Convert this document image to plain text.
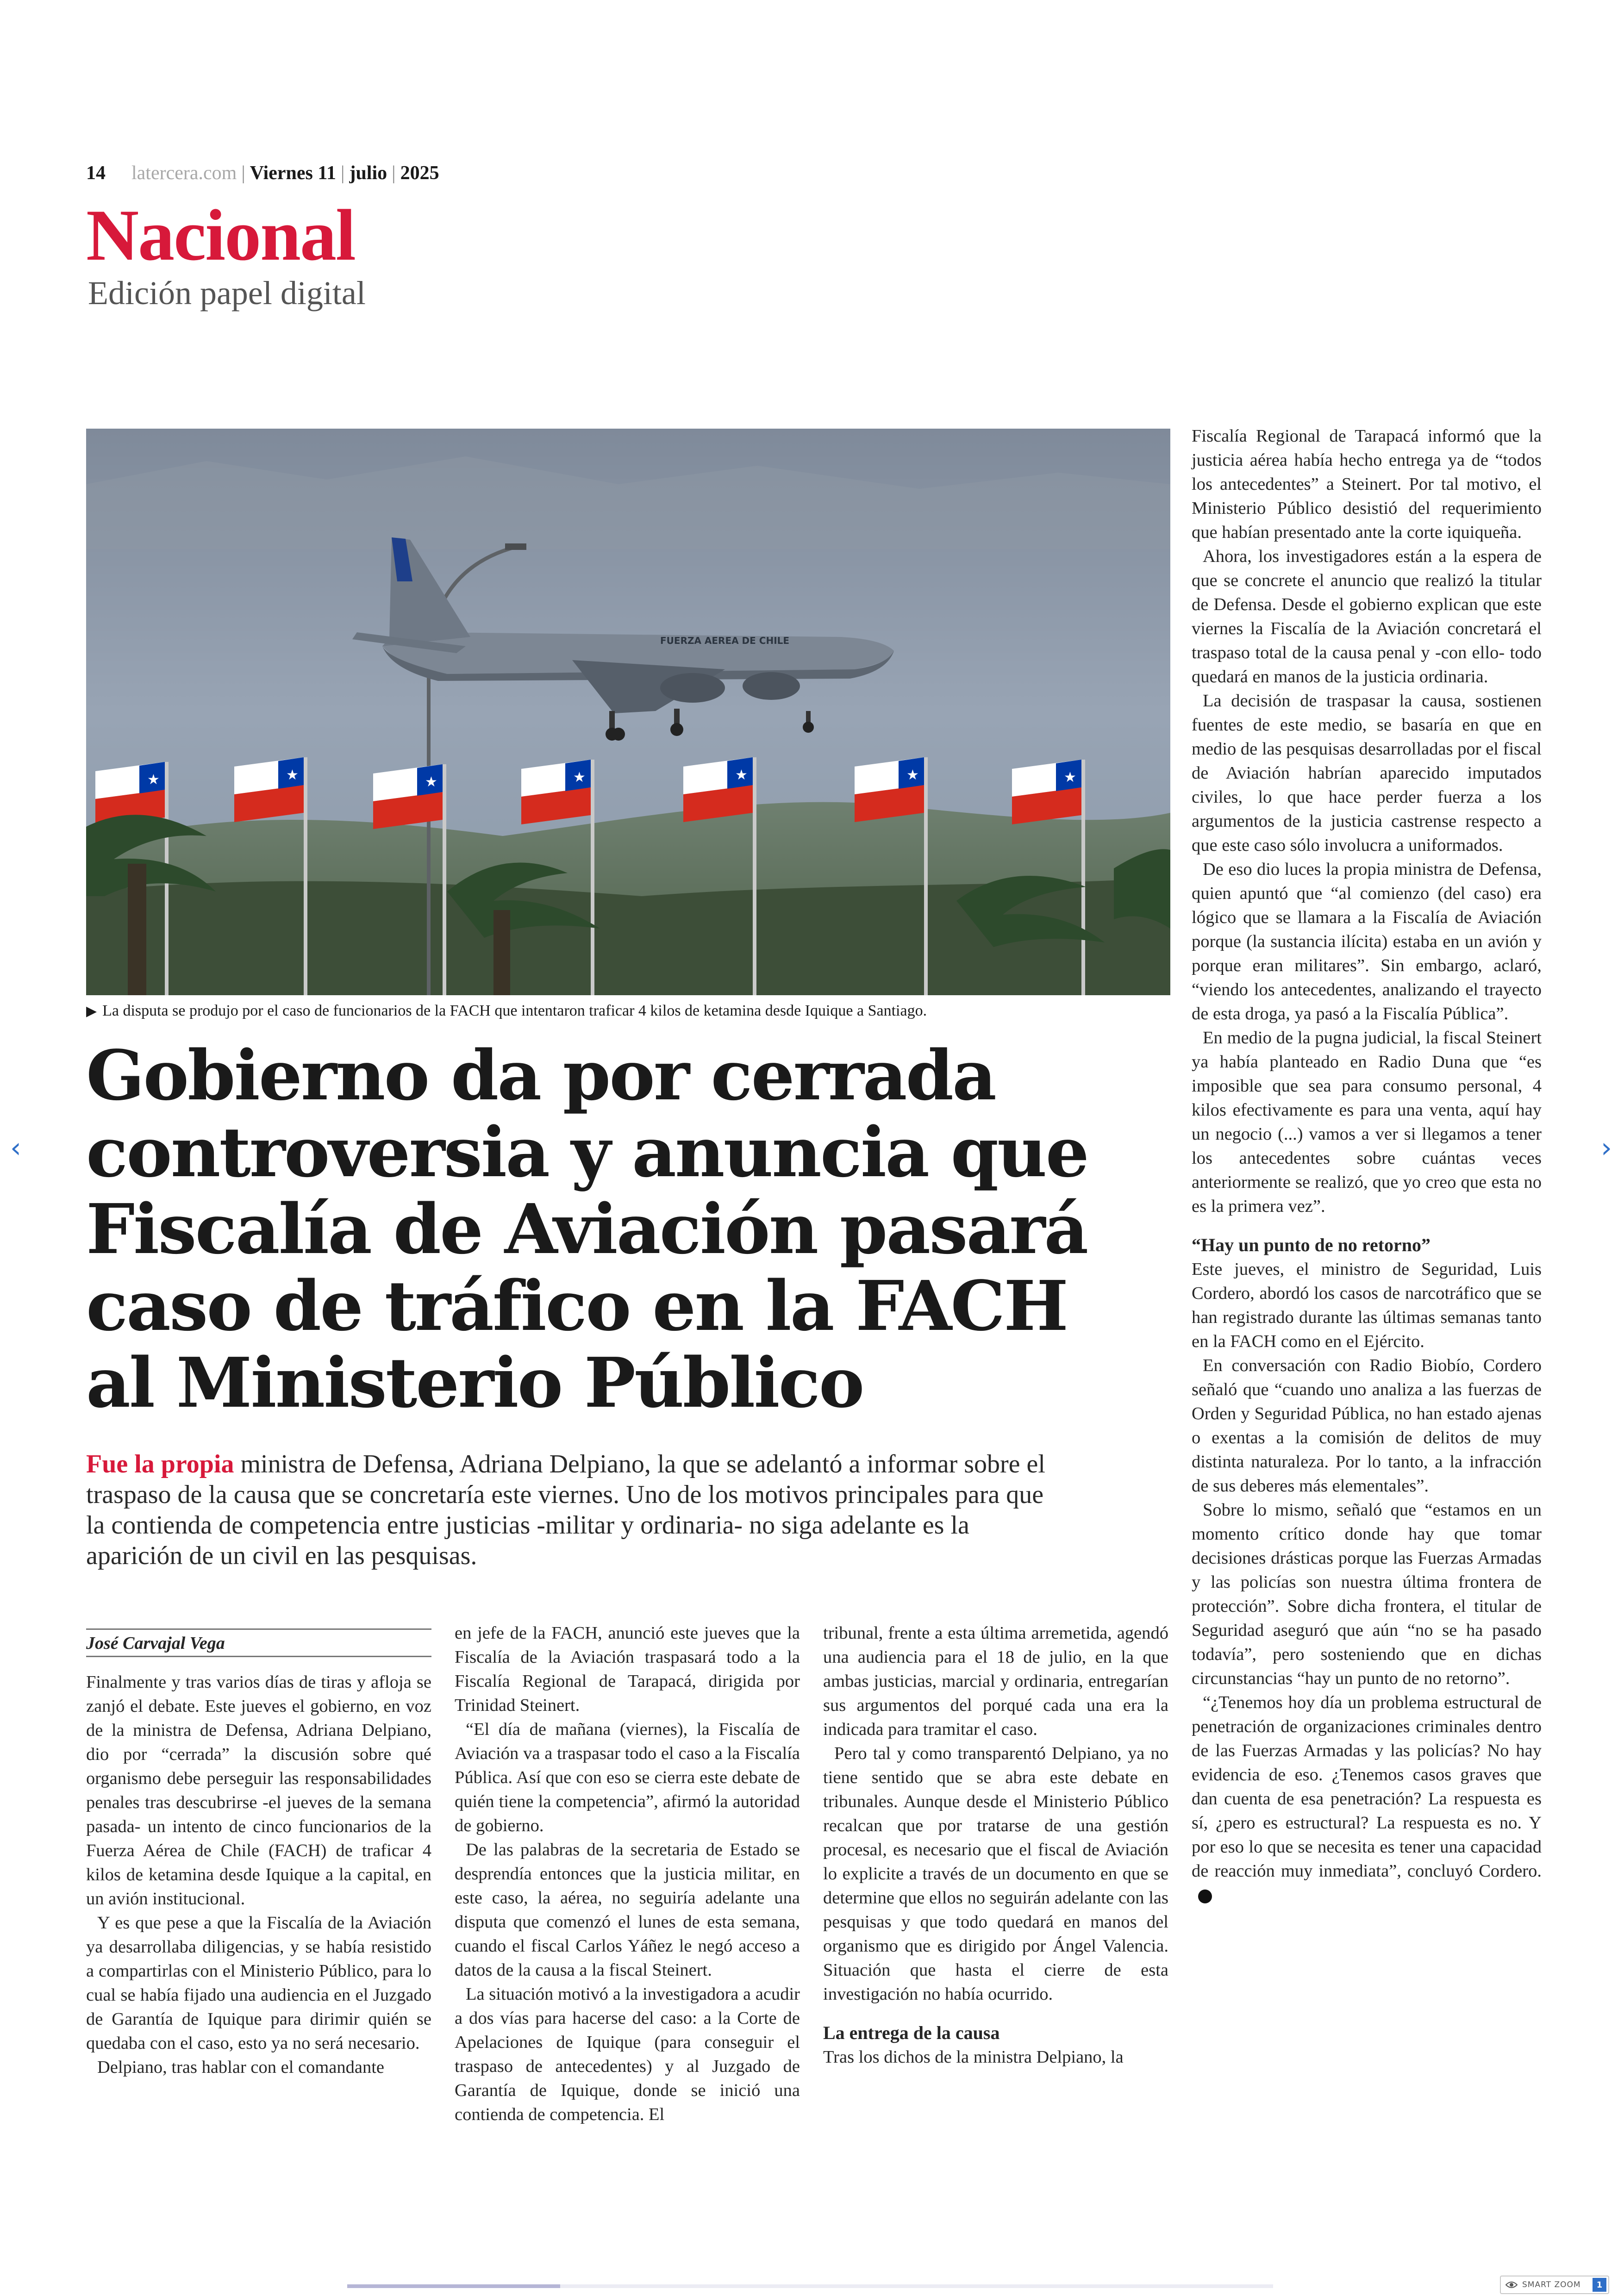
‹	›
14 latercera.com | Viernes 11 | julio | 2025
Nacional
Edición papel digital
FUERZA AEREA DE CHILE
★	★	★	★	★	★	★
▶ La disputa se produjo por el caso de funcionarios de la FACH que intentaron traficar 4 kilos de ketamina desde Iquique a Santiago.
Gobierno da por cerrada
controversia y anuncia que
Fiscalía de Aviación pasará
caso de tráfico en la FACH
al Ministerio Público
Fue la propia ministra de Defensa, Adriana Delpiano, la que se adelantó a informar sobre el traspaso de la causa que se concretaría este viernes. Uno de los motivos principales para que la contienda de competencia entre justicias -militar y ordinaria- no siga adelante es la aparición de un civil en las pesquisas.
José Carvajal Vega

Finalmente y tras varios días de tiras y afloja se zanjó el debate. Este jueves el gobierno, en voz de la ministra de Defensa, Adriana Delpiano, dio por “cerrada” la discusión sobre qué organismo debe perseguir las responsabilidades penales tras descubrirse -el jueves de la semana pasada- un intento de cinco funcionarios de la Fuerza Aérea de Chile (FACH) de traficar 4 kilos de ketamina desde Iquique a la capital, en un avión institucional.

Y es que pese a que la Fiscalía de la Aviación ya desarrollaba diligencias, y se había resistido a compartirlas con el Ministerio Público, para lo cual se había fijado una audiencia en el Juzgado de Garantía de Iquique para dirimir quién se quedaba con el caso, esto ya no será necesario.

Delpiano, tras hablar con el comandante

en jefe de la FACH, anunció este jueves que la Fiscalía de la Aviación traspasará todo a la Fiscalía Regional de Tarapacá, dirigida por Trinidad Steinert.

“El día de mañana (viernes), la Fiscalía de Aviación va a traspasar todo el caso a la Fiscalía Pública. Así que con eso se cierra este debate de quién tiene la competencia”, afirmó la autoridad de gobierno.

De las palabras de la secretaria de Estado se desprendía entonces que la justicia militar, en este caso, la aérea, no seguiría adelante una disputa que comenzó el lunes de esta semana, cuando el fiscal Carlos Yáñez le negó acceso a datos de la causa a la fiscal Steinert.

La situación motivó a la investigadora a acudir a dos vías para hacerse del caso: a la Corte de Apelaciones de Iquique (para conseguir el traspaso de antecedentes) y al Juzgado de Garantía de Iquique, donde se inició una contienda de competencia. El

tribunal, frente a esta última arremetida, agendó una audiencia para el 18 de julio, en la que ambas justicias, marcial y ordinaria, entregarían sus argumentos del porqué cada una era la indicada para tramitar el caso.

Pero tal y como transparentó Delpiano, ya no tiene sentido que se abra este debate en tribunales. Aunque desde el Ministerio Público recalcan que por tratarse de una gestión procesal, es necesario que el fiscal de Aviación lo explicite a través de un documento en que se determine que ellos no seguirán adelante con las pesquisas y que todo quedará en manos del organismo que es dirigido por Ángel Valencia. Situación que hasta el cierre de esta investigación no había ocurrido.

La entrega de la causa

Tras los dichos de la ministra Delpiano, la

Fiscalía Regional de Tarapacá informó que la justicia aérea había hecho entrega ya de “todos los antecedentes” a Steinert. Por tal motivo, el Ministerio Público desistió del requerimiento que habían presentado ante la corte iquiqueña.

Ahora, los investigadores están a la espera de que se concrete el anuncio que realizó la titular de Defensa. Desde el gobierno explican que este viernes la Fiscalía de la Aviación concretará el traspaso total de la causa penal y -con ello- todo quedará en manos de la justicia ordinaria.

La decisión de traspasar la causa, sostienen fuentes de este medio, se basaría en que en medio de las pesquisas desarrolladas por el fiscal de Aviación habrían aparecido imputados civiles, lo que hace perder fuerza a los argumentos de la justicia castrense respecto a que este caso sólo involucra a uniformados.

De eso dio luces la propia ministra de Defensa, quien apuntó que “al comienzo (del caso) era lógico que se llamara a la Fiscalía de Aviación porque (la sustancia ilícita) estaba en un avión y porque eran militares”. Sin embargo, aclaró, “viendo los antecedentes, analizando el trayecto de esta droga, ya pasó a la Fiscalía Pública”.

En medio de la pugna judicial, la fiscal Steinert ya había planteado en Radio Duna que “es imposible que sea para consumo personal, 4 kilos efectivamente es para una venta, aquí hay un negocio (...) vamos a ver si llegamos a tener los antecedentes sobre cuántas veces anteriormente se realizó, que yo creo que esta no es la primera vez”.

“Hay un punto de no retorno”

Este jueves, el ministro de Seguridad, Luis Cordero, abordó los casos de narcotráfico que se han registrado durante las últimas semanas tanto en la FACH como en el Ejército.

En conversación con Radio Biobío, Cordero señaló que “cuando uno analiza a las fuerzas de Orden y Seguridad Pública, no han estado ajenas o exentas a la comisión de delitos de muy distinta naturaleza. Por lo tanto, a la infracción de sus deberes más elementales”.

Sobre lo mismo, señaló que “estamos en un momento crítico donde hay que tomar decisiones drásticas porque las Fuerzas Armadas y las policías son nuestra última frontera de protección”. Sobre dicha frontera, el titular de Seguridad aseguró que aún “no se ha pasado todavía”, pero sosteniendo que en dichas circunstancias “hay un punto de no retorno”.

“¿Tenemos hoy día un problema estructural de penetración de organizaciones criminales dentro de las Fuerzas Armadas y las policías? No hay evidencia de eso. ¿Tenemos casos graves que dan cuenta de esa penetración? La respuesta es sí, ¿pero es estructural? La respuesta es no. Y por eso lo que se necesita es tener una capacidad de reacción muy inmediata”, concluyó Cordero.

SMART ZOOM	1
